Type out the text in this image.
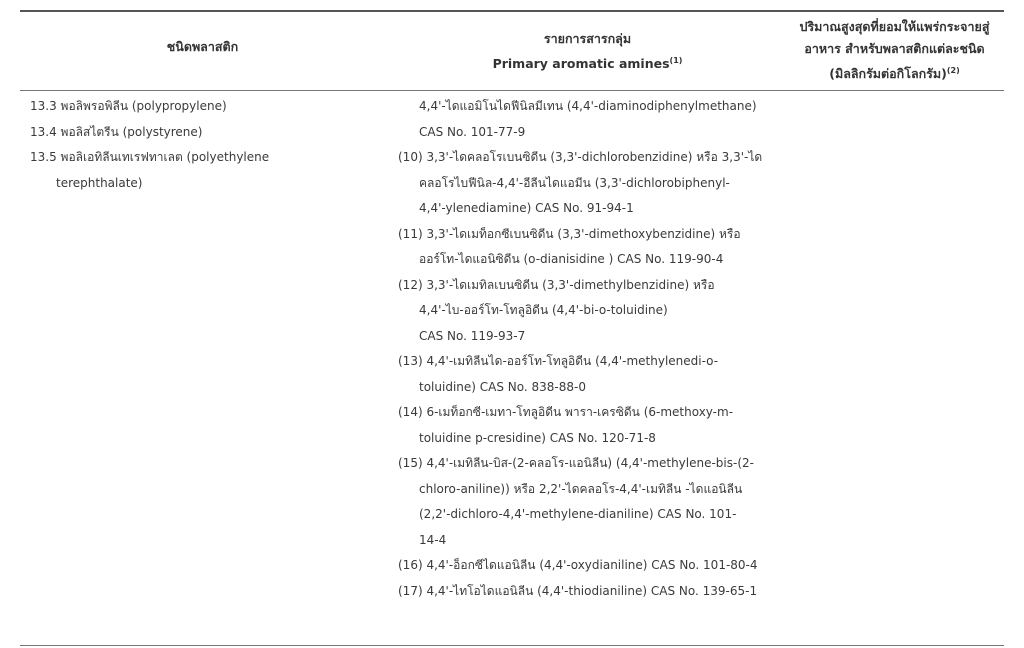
ชนิดพลาสติก
รายการสารกลุ่ม
Primary aromatic amines$^{(1)}$
ปริมาณสูงสุดที่ยอมให้แพร่กระจายสู่
อาหาร สำหรับพลาสติกแต่ละชนิด
(มิลลิกรัมต่อกิโลกรัม)$^{(2)}$
13.3 พอลิพรอพิลีน (polypropylene)
13.4 พอลิสไตรีน (polystyrene)
13.5 พอลิเอทิลีนเทเรฟทาเลต (polyethylene
terephthalate)
4,4'-ไดแอมิโนไดฟีนิลมีเทน (4,4'-diaminodiphenylmethane)
CAS No. 101-77-9
(10) 3,3'-ไดคลอโรเบนซิดีน (3,3'-dichlorobenzidine) หรือ 3,3'-ได
คลอโรไบฟีนิล-4,4'-อีลีนไดแอมีน (3,3'-dichlorobiphenyl-
4,4'-ylenediamine) CAS No. 91-94-1
(11) 3,3'-ไดเมท็อกซีเบนซิดีน (3,3'-dimethoxybenzidine) หรือ
ออร์โท-ไดแอนิซิดีน (o-dianisidine ) CAS No. 119-90-4
(12) 3,3'-ไดเมทิลเบนซิดีน (3,3'-dimethylbenzidine) หรือ
4,4'-ไบ-ออร์โท-โทลูอิดีน (4,4'-bi-o-toluidine)
CAS No. 119-93-7
(13) 4,4'-เมทิลีนได-ออร์โท-โทลูอิดีน (4,4'-methylenedi-o-
toluidine) CAS No. 838-88-0
(14) 6-เมท็อกซี-เมทา-โทลูอิดีน พารา-เครซิดีน (6-methoxy-m-
toluidine p-cresidine) CAS No. 120-71-8
(15) 4,4'-เมทิลีน-บิส-(2-คลอโร-แอนิลีน) (4,4'-methylene-bis-(2-
chloro-aniline)) หรือ 2,2'-ไดคลอโร-4,4'-เมทิลีน -ไดแอนิลีน
(2,2'-dichloro-4,4'-methylene-dianiline) CAS No. 101-
14-4
(16) 4,4'-อ็อกซีไดแอนิลีน (4,4'-oxydianiline) CAS No. 101-80-4
(17) 4,4'-ไทโอไดแอนิลีน (4,4'-thiodianiline) CAS No. 139-65-1
